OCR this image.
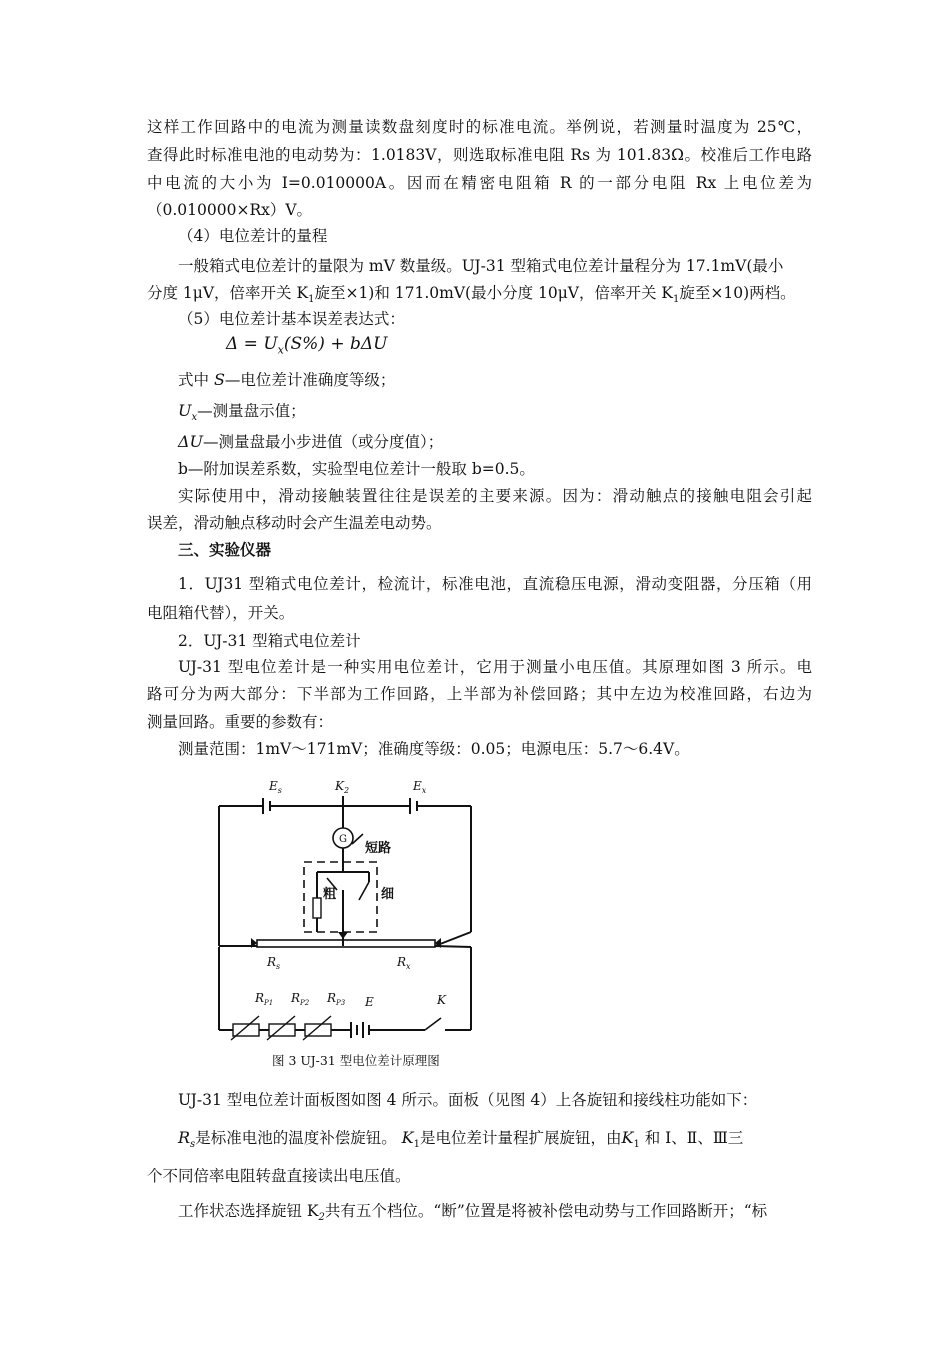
这样工作回路中的电流为测量读数盘刻度时的标准电流。举例说，若测量时温度为 25℃，
查得此时标准电池的电动势为：1.0183V，则选取标准电阻 Rs 为 101.83Ω。校准后工作电路
中电流的大小为 I=0.010000A。因而在精密电阻箱 R 的一部分电阻 Rx 上电位差为
（0.010000×Rx）V。
（4）电位差计的量程
一般箱式电位差计的量限为 mV 数量级。UJ-31 型箱式电位差计量程分为 17.1mV(最小
分度 1μV，倍率开关 $K_1$旋至×1)和 171.0mV(最小分度 10μV，倍率开关 $K_1$旋至×10)两档。
（5）电位差计基本误差表达式：
$\Delta = U_x(S\%) + b\Delta U$
式中 S—电位差计准确度等级；
$U_x—$测量盘示值；
ΔU—测量盘最小步进值（或分度值）；
b—附加误差系数，实验型电位差计一般取 b=0.5。
实际使用中，滑动接触装置往往是误差的主要来源。因为：滑动触点的接触电阻会引起
误差，滑动触点移动时会产生温差电动势。
三、实验仪器
1．UJ31 型箱式电位差计，检流计，标准电池，直流稳压电源，滑动变阻器，分压箱（用
电阻箱代替），开关。
2．UJ-31 型箱式电位差计
UJ-31 型电位差计是一种实用电位差计，它用于测量小电压值。其原理如图 3 所示。电
路可分为两大部分：下半部为工作回路，上半部为补偿回路；其中左边为校准回路，右边为
测量回路。重要的参数有：
测量范围：1mV～171mV；准确度等级：0.05；电源电压：5.7～6.4V。
$E_s$	$K_2$	$E_x$
$R_s$	$R_x$
$R_{P1}$ $R_{P2}$ $R_{P3}$ E	K
G
短路
粗	细
图 3 UJ-31 型电位差计原理图
UJ-31 型电位差计面板图如图 4 所示。面板（见图 4）上各旋钮和接线柱功能如下：
$R_s$是标准电池的温度补偿旋钮。 $K_1$是电位差计量程扩展旋钮，由$K_1$ 和 Ⅰ、Ⅱ、Ⅲ三
个不同倍率电阻转盘直接读出电压值。
工作状态选择旋钮 $K_2$共有五个档位。“断”位置是将被补偿电动势与工作回路断开；“标
